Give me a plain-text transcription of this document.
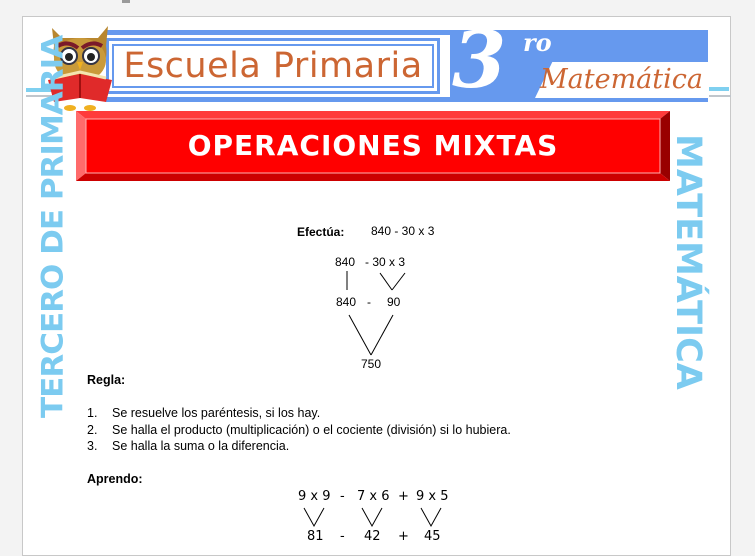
Escuela Primaria 3 ro
Matemática
OPERACIONES MIXTAS
TERCERO DE PRIMARIA	MATEMÁTICA
Efectúa: 840 - 30 x 3
840 - 30 x 3
840 - 90
750
Regla:
1. Se resuelve los paréntesis, si los hay.
2. Se halla el producto (multiplicación) o el cociente (división) si lo hubiera.
3. Se halla la suma o la diferencia.
Aprendo:
9 x 9 - 7 x 6 + 9 x 5
81 - 42 + 45
